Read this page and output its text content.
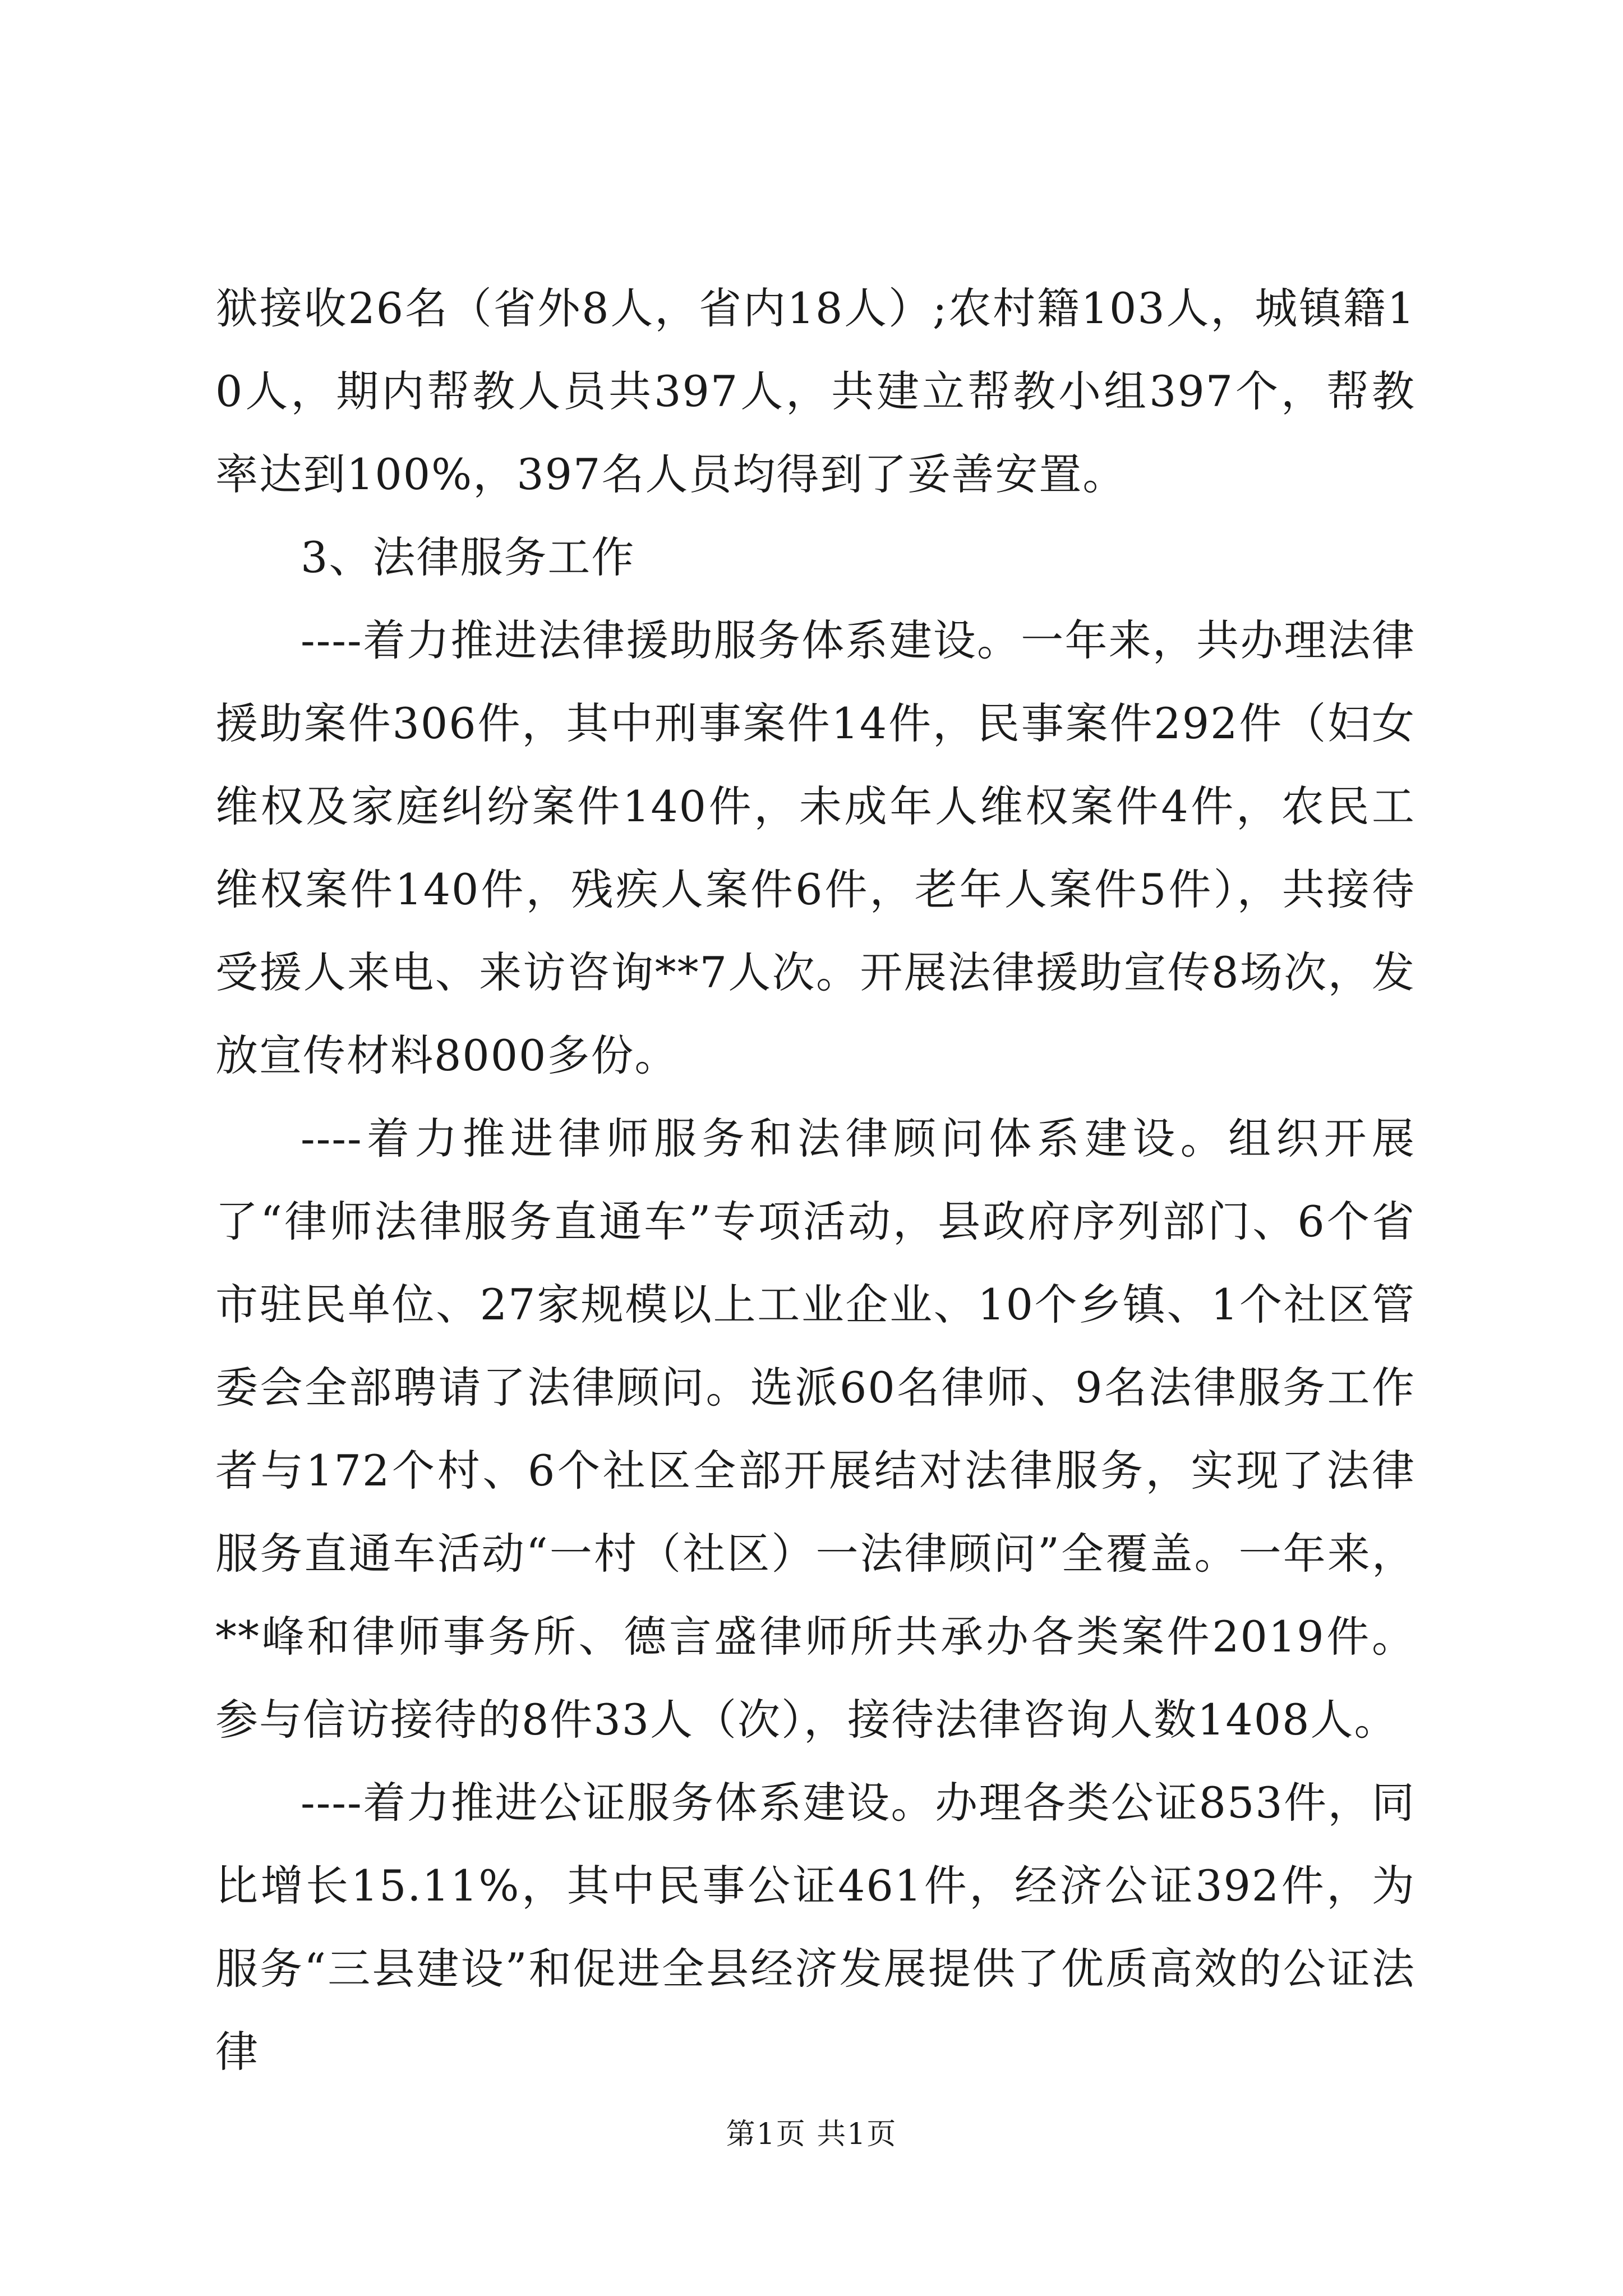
狱接收26名（省外8人，省内18人）;农村籍103人，城镇籍10人，期内帮教人员共397人，共建立帮教小组397个，帮教率达到100%，397名人员均得到了妥善安置。

3、法律服务工作

----着力推进法律援助服务体系建设。一年来，共办理法律援助案件306件，其中刑事案件14件，民事案件292件（妇女维权及家庭纠纷案件140件，未成年人维权案件4件，农民工维权案件140件，残疾人案件6件，老年人案件5件），共接待受援人来电、来访咨询**7人次。开展法律援助宣传8场次，发放宣传材料8000多份。

----着力推进律师服务和法律顾问体系建设。组织开展了“律师法律服务直通车”专项活动，县政府序列部门、6个省市驻民单位、27家规模以上工业企业、10个乡镇、1个社区管委会全部聘请了法律顾问。选派60名律师、9名法律服务工作者与172个村、6个社区全部开展结对法律服务，实现了法律服务直通车活动“一村（社区）一法律顾问”全覆盖。一年来，**峰和律师事务所、德言盛律师所共承办各类案件2019件。参与信访接待的8件33人（次），接待法律咨询人数1408人。

----着力推进公证服务体系建设。办理各类公证853件，同比增长15.11%，其中民事公证461件，经济公证392件，为服务“三县建设”和促进全县经济发展提供了优质高效的公证法律

第1页 共1页
